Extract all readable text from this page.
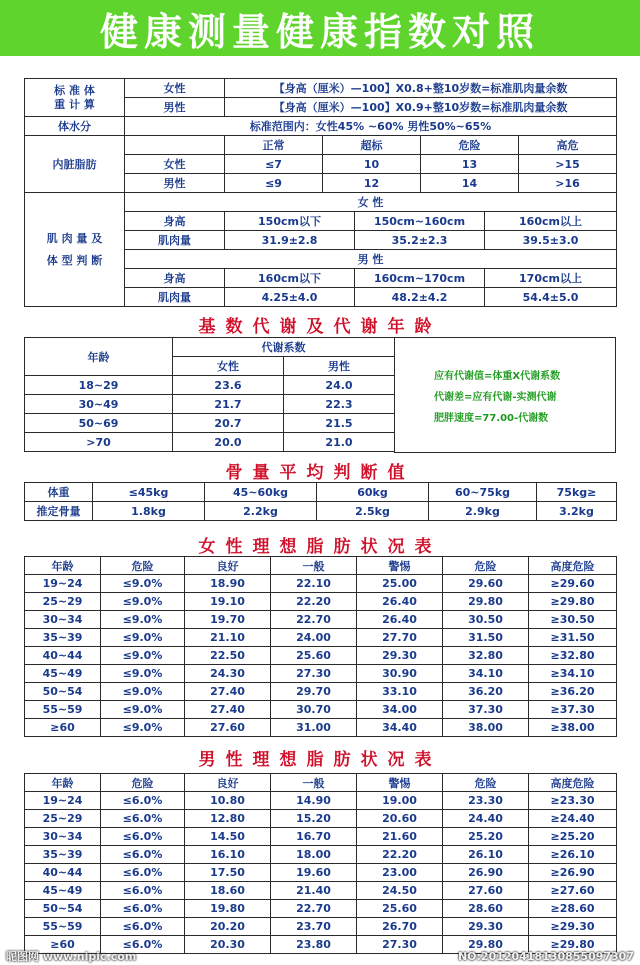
健康测量健康指数对照
标 准 体
重 计 算	女性	【身高（厘米）—100】X0.8+整10岁数=标准肌肉量余数			
	男性	【身高（厘米）—100】X0.9+整10岁数=标准肌肉量余数			
体水分	标准范围内：女性45% ~60% 男性50%~65%				
内脏脂肪		正常	超标	危险	高危
	女性	≤7	10	13	>15
	男性	≤9	12	14	>16
肌 肉 量 及
体 型 判 断	女 性			
	身高	150cm以下	150cm~160cm	160cm以上
	肌肉量	31.9±2.8	35.2±2.3	39.5±3.0
	男 性			
	身高	160cm以下	160cm~170cm	170cm以上
	肌肉量	4.25±4.0	48.2±4.2	54.4±5.0
基数代谢及代谢年龄
年龄	代谢系数	
	女性	男性
18~29	23.6	24.0
30~49	21.7	22.3
50~69	20.7	21.5
>70	20.0	21.0
应有代谢值=体重X代谢系数
代谢差=应有代谢-实测代谢
肥胖速度=77.00-代谢数
骨量平均判断值
体重	≤45kg	45~60kg	60kg	60~75kg	75kg≥
推定骨量	1.8kg	2.2kg	2.5kg	2.9kg	3.2kg
女性理想脂肪状况表
年龄	危险	良好	一般	警惕	危险	高度危险
19~24	≤9.0%	18.90	22.10	25.00	29.60	≥29.60
25~29	≤9.0%	19.10	22.20	26.40	29.80	≥29.80
30~34	≤9.0%	19.70	22.70	26.40	30.50	≥30.50
35~39	≤9.0%	21.10	24.00	27.70	31.50	≥31.50
40~44	≤9.0%	22.50	25.60	29.30	32.80	≥32.80
45~49	≤9.0%	24.30	27.30	30.90	34.10	≥34.10
50~54	≤9.0%	27.40	29.70	33.10	36.20	≥36.20
55~59	≤9.0%	27.40	30.70	34.00	37.30	≥37.30
≥60	≤9.0%	27.60	31.00	34.40	38.00	≥38.00
男性理想脂肪状况表
年龄	危险	良好	一般	警惕	危险	高度危险
19~24	≤6.0%	10.80	14.90	19.00	23.30	≥23.30
25~29	≤6.0%	12.80	15.20	20.60	24.40	≥24.40
30~34	≤6.0%	14.50	16.70	21.60	25.20	≥25.20
35~39	≤6.0%	16.10	18.00	22.20	26.10	≥26.10
40~44	≤6.0%	17.50	19.60	23.00	26.90	≥26.90
45~49	≤6.0%	18.60	21.40	24.50	27.60	≥27.60
50~54	≤6.0%	19.80	22.70	25.60	28.60	≥28.60
55~59	≤6.0%	20.20	23.70	26.70	29.30	≥29.30
≥60	≤6.0%	20.30	23.80	27.30	29.80	≥29.80
昵图网 www.nipic.com	NO:20120418130855097307
